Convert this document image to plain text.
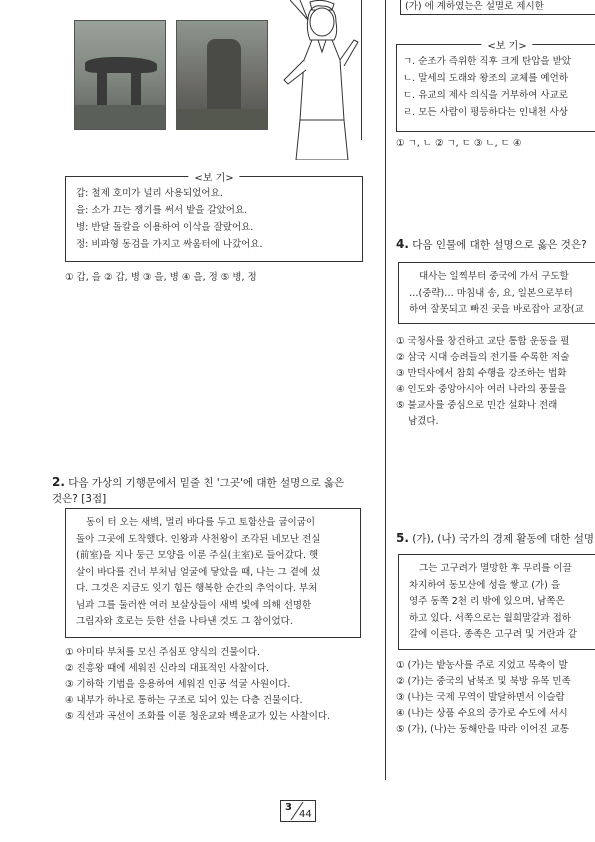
<보 기>
갑: 철제 호미가 널리 사용되었어요.
을: 소가 끄는 쟁기를 써서 밭을 갈았어요.
병: 반달 돌칼을 이용하여 이삭을 잘랐어요.
정: 비파형 동검을 가지고 싸움터에 나갔어요.
① 갑, 을 ② 갑, 병 ③ 을, 병 ④ 을, 정 ⑤ 병, 정
2. 다음 가상의 기행문에서 밑줄 친 '그곳'에 대한 설명으로 옳은
것은? [3점]
동이 터 오는 새벽, 멀리 바다를 두고 토함산을 굽이굽이
돌아 그곳에 도착했다. 인왕과 사천왕이 조각된 네모난 전실
(前室)을 지나 둥근 모양을 이룬 주실(主室)로 들어갔다. 햇
살이 바다를 건너 부처님 얼굴에 닿았을 때, 나는 그 곁에 섰
다. 그것은 지금도 잊기 힘든 행복한 순간의 추억이다. 부처
님과 그를 둘러싼 여러 보살상들이 새벽 빛에 의해 선명한
그림자와 호로는 듯한 선을 나타낸 것도 그 참이었다.
① 아미타 부처를 모신 주심포 양식의 건물이다.
② 진흥왕 때에 세워진 신라의 대표적인 사찰이다.
③ 기하학 기법을 응용하여 세워진 인공 석굴 사원이다.
④ 내부가 하나로 통하는 구조로 되어 있는 다층 건물이다.
⑤ 직선과 곡선이 조화를 이룬 청운교와 백운교가 있는 사찰이다.
(가) 에 계하였는은 설멸로 제시한
<보 기>
ㄱ. 순조가 즉위한 직후 크게 탄압을 받았
ㄴ. 말세의 도래와 왕조의 교체를 예언하
ㄷ. 유교의 제사 의식을 거부하여 사교로
ㄹ. 모든 사람이 평등하다는 인내천 사상
① ㄱ, ㄴ ② ㄱ, ㄷ ③ ㄴ, ㄷ ④
4. 다음 인물에 대한 설명으로 옳은 것은?
대사는 일찍부터 중국에 가서 구도할
…(중략)… 마침내 송, 요, 일본으로부터
하여 잘못되고 빠진 곳을 바로잡아 교장(교
① 국청사를 창건하고 교단 통합 운동을 펼
② 삼국 시대 승려들의 전기를 수록한 저술
③ 만덕사에서 참회 수행을 강조하는 법화
④ 인도와 중앙아시아 여러 나라의 풍물을
⑤ 불교사를 중심으로 민간 설화나 전래
남겼다.
5. (가), (나) 국가의 경제 활동에 대한 설명
그는 고구려가 멸망한 후 무리를 이끌
차지하여 동모산에 성을 쌓고 (가) 을
영주 동쪽 2천 리 밖에 있으며, 남쪽은
하고 있다. 서쪽으로는 월희말갈과 접하
갈에 이른다. 종족은 고구려 및 거란과 같
① (가)는 밭농사를 주로 지었고 목축이 발
② (가)는 중국의 남북조 및 북방 유목 민족
③ (나)는 국제 무역이 발달하면서 이슬람
④ (나)는 상품 수요의 증가로 수도에 서시
⑤ (가), (나)는 동해안을 따라 이어진 교통
3
44
